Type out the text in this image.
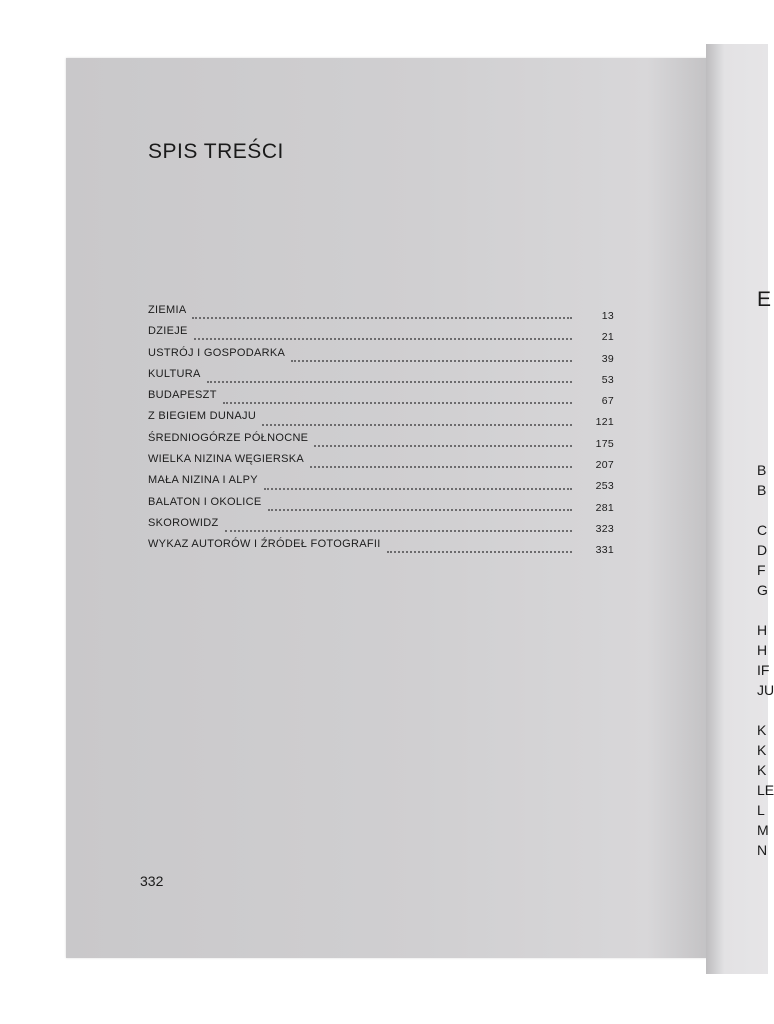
SPIS TREŚCI
ZIEMIA	13
DZIEJE	21
USTRÓJ I GOSPODARKA	39
KULTURA	53
BUDAPESZT	67
Z BIEGIEM DUNAJU	121
ŚREDNIOGÓRZE PÓŁNOCNE	175
WIELKA NIZINA WĘGIERSKA	207
MAŁA NIZINA I ALPY	253
BALATON I OKOLICE	281
SKOROWIDZ	323
WYKAZ AUTORÓW I ŹRÓDEŁ FOTOGRAFII	331
332
E
B
B
C
D
F
G
H
H
IF
JU
K
K
K
LE
L
M
N
